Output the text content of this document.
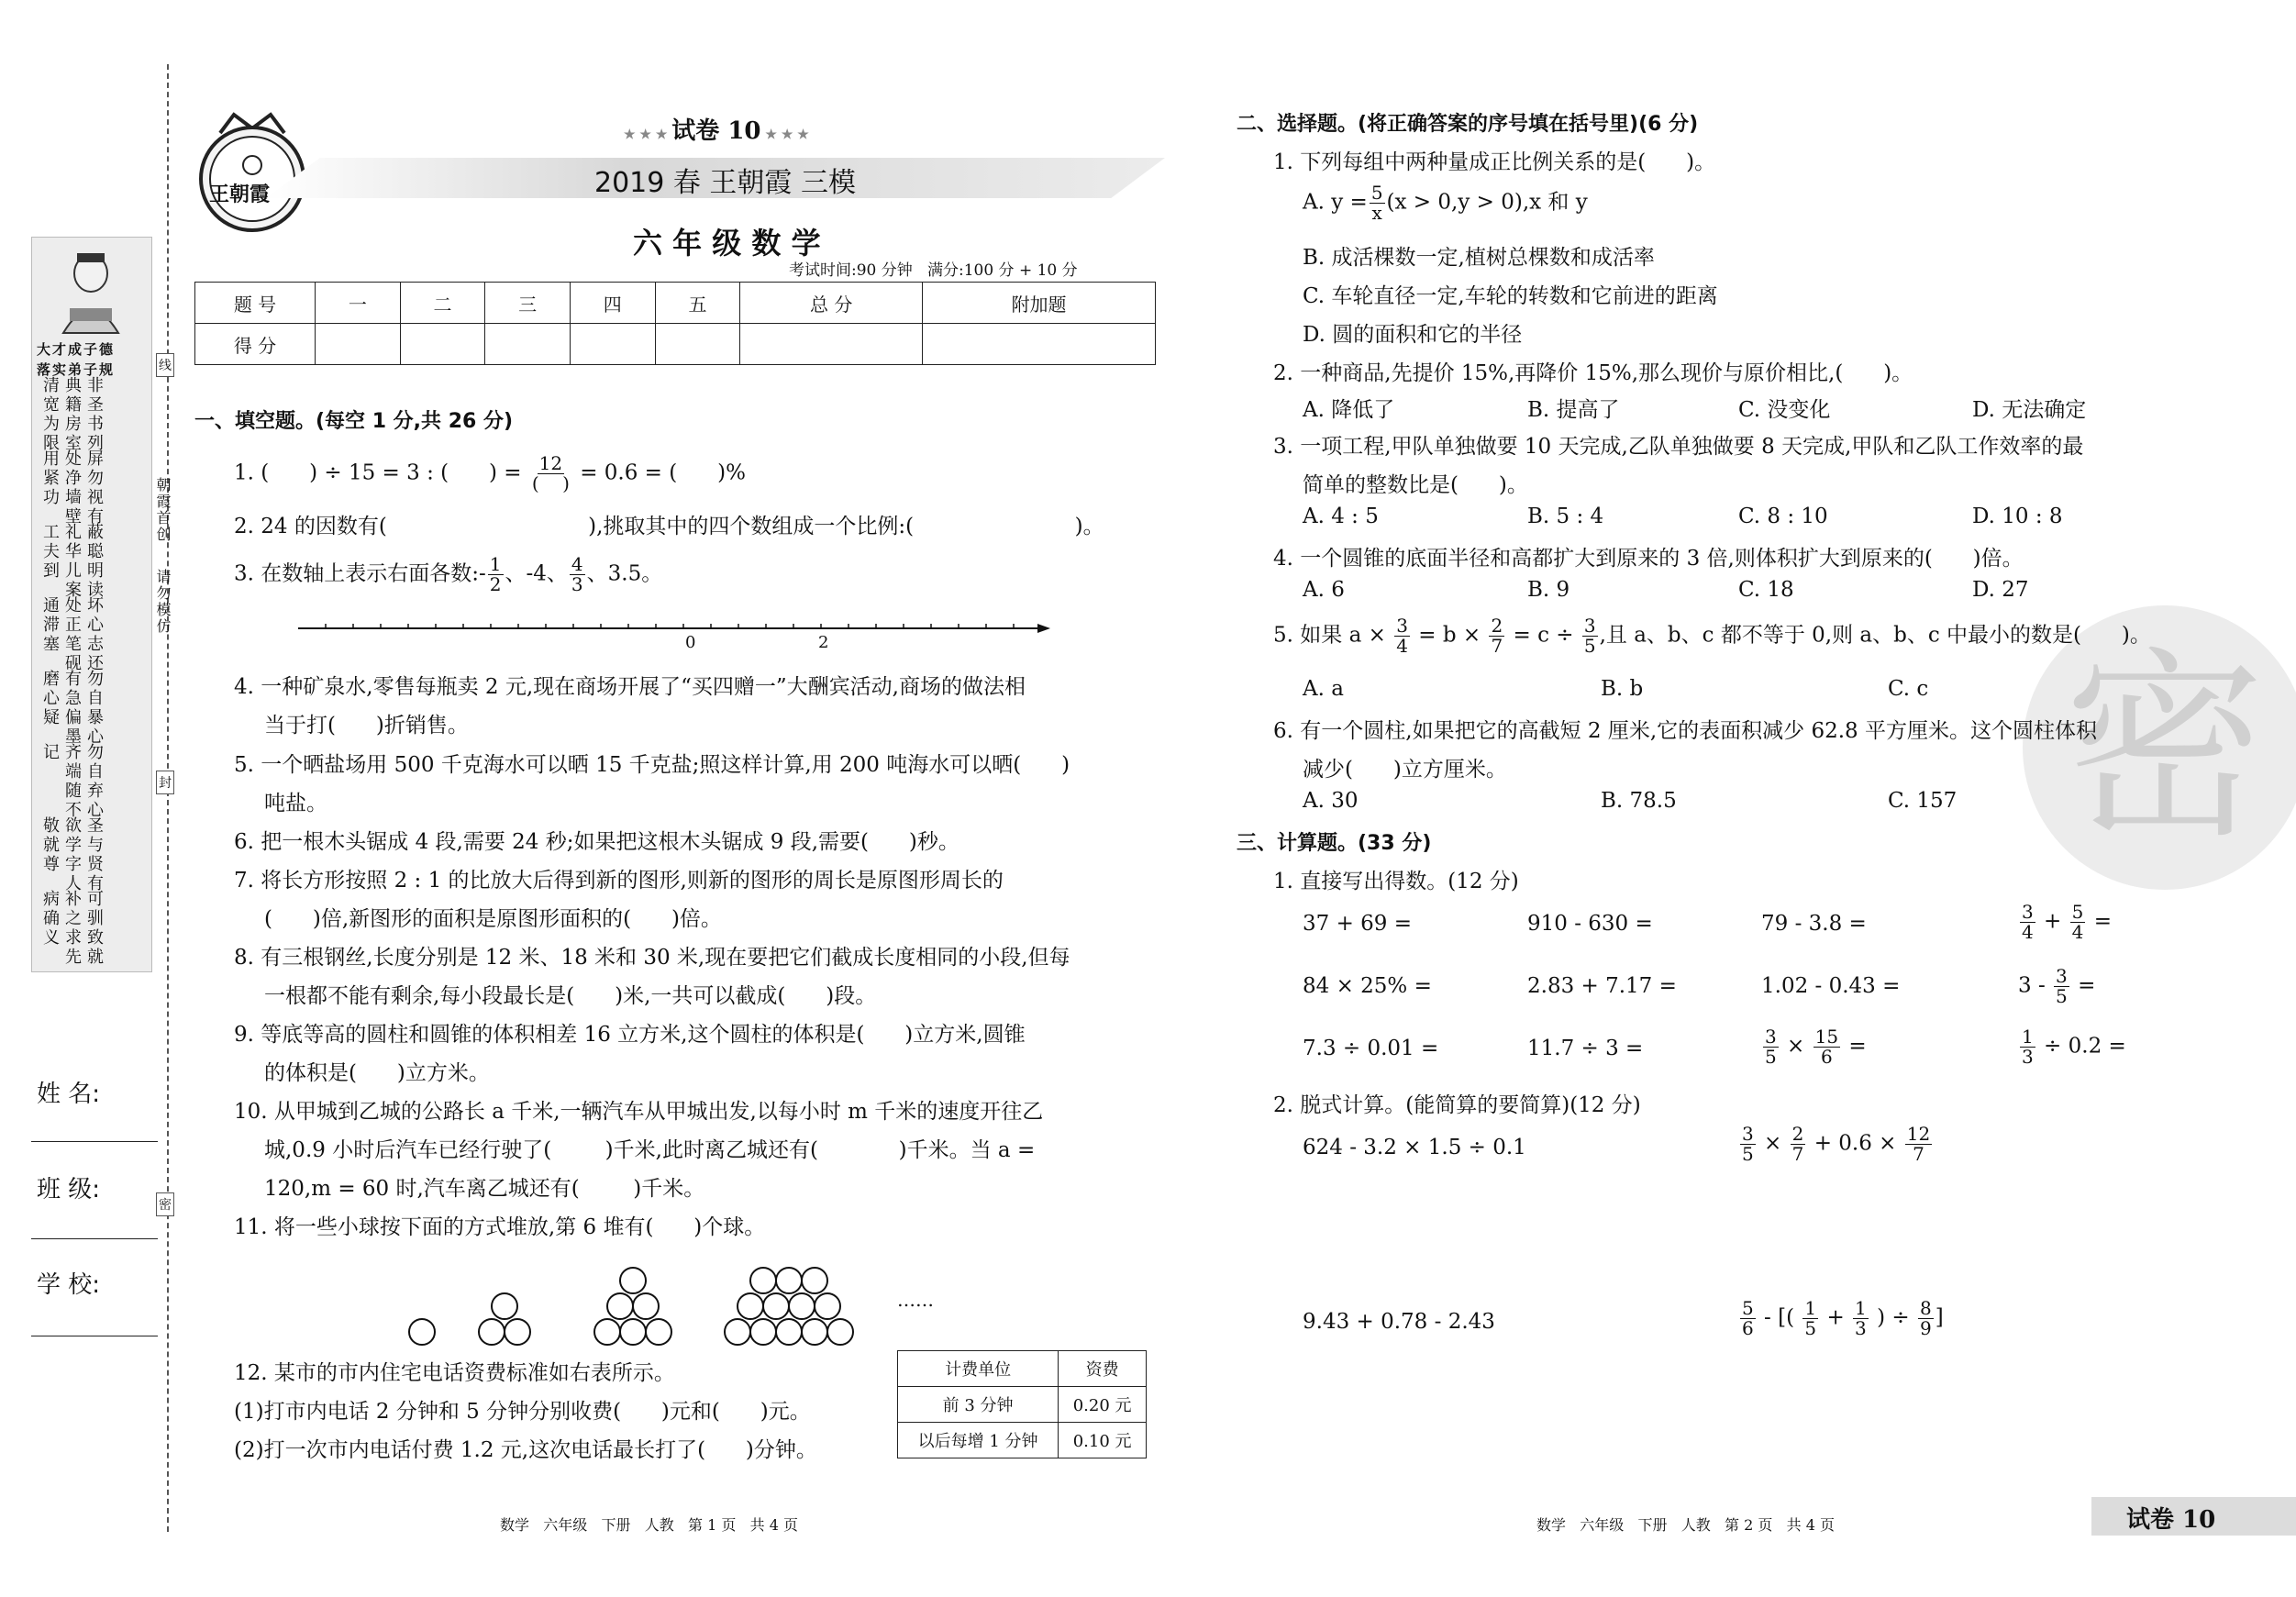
大才成子德
落实弟子规
非圣书列典籍房室清宽为限
屏勿视有处净墙壁用紧功
蔽聪明读礼华儿案工夫到
坏心志还处正笔砚通滞塞
勿自暴心有急偏墨磨心疑
勿自弃心齐端随不记
圣与贤有欲学字人敬就尊
可驯致就补之求先病确义
姓 名:
班 级:
学 校:
线
封
密
朝霞首创
请勿模仿
王朝霞
★ ★ ★ 试卷 10 ★ ★ ★
2019 春 王朝霞 三模
六 年 级 数 学
考试时间:90 分钟   满分:100 分 + 10 分
题 号	一	二	三	四	五	总 分	附加题
得 分							
一、填空题。(每空 1 分,共 26 分)
1. (      ) ÷ 15 = 3 : (      ) = $\frac{12}{( )} = 0.6$ = (      )%
2. 24 的因数有(                              ),挑取其中的四个数组成一个比例:(                        )。
3. 在数轴上表示右面各数:- $\frac{1}{2}$ 、-4、 $\frac{4}{3}$ 、3.5。
0	2
4. 一种矿泉水,零售每瓶卖 2 元,现在商场开展了“买四赠一”大酬宾活动,商场的做法相
当于打(      )折销售。
5. 一个晒盐场用 500 千克海水可以晒 15 千克盐;照这样计算,用 200 吨海水可以晒(      )
吨盐。
6. 把一根木头锯成 4 段,需要 24 秒;如果把这根木头锯成 9 段,需要(      )秒。
7. 将长方形按照 2 : 1 的比放大后得到新的图形,则新的图形的周长是原图形周长的
(      )倍,新图形的面积是原图形面积的(      )倍。
8. 有三根钢丝,长度分别是 12 米、18 米和 30 米,现在要把它们截成长度相同的小段,但每
一根都不能有剩余,每小段最长是(      )米,一共可以截成(      )段。
9. 等底等高的圆柱和圆锥的体积相差 16 立方米,这个圆柱的体积是(      )立方米,圆锥
的体积是(      )立方米。
10. 从甲城到乙城的公路长 a 千米,一辆汽车从甲城出发,以每小时 m 千米的速度开往乙
城,0.9 小时后汽车已经行驶了(        )千米,此时离乙城还有(            )千米。当 a =
120,m = 60 时,汽车离乙城还有(        )千米。
11. 将一些小球按下面的方式堆放,第 6 堆有(      )个球。
……
12. 某市的市内住宅电话资费标准如右表所示。
(1)打市内电话 2 分钟和 5 分钟分别收费(      )元和(      )元。
(2)打一次市内电话付费 1.2 元,这次电话最长打了(      )分钟。
计费单位	资费
前 3 分钟	0.20 元
以后每增 1 分钟	0.10 元
数学   六年级   下册   人教   第 1 页   共 4 页
密
二、选择题。(将正确答案的序号填在括号里)(6 分)
1. 下列每组中两种量成正比例关系的是(      )。
A. $y = \frac{5}{x} (x > 0,y > 0),x$ 和 y
B. 成活棵数一定,植树总棵数和成活率
C. 车轮直径一定,车轮的转数和它前进的距离
D. 圆的面积和它的半径
2. 一种商品,先提价 15%,再降价 15%,那么现价与原价相比,(      )。
A. 降低了	B. 提高了	C. 没变化	D. 无法确定
3. 一项工程,甲队单独做要 10 天完成,乙队单独做要 8 天完成,甲队和乙队工作效率的最
简单的整数比是(      )。
A. 4 : 5	B. 5 : 4	C. 8 : 10	D. 10 : 8
4. 一个圆锥的底面半径和高都扩大到原来的 3 倍,则体积扩大到原来的(      )倍。
A. 6	B. 9	C. 18	D. 27
5. 如果 $a \times \frac{3}{4} = b \times \frac{2}{7} = c \div \frac{3}{5}$ ,且 a、b、c 都不等于 0,则 a、b、c 中最小的数是(      )。
A. a	B. b	C. c
6. 有一个圆柱,如果把它的高截短 2 厘米,它的表面积减少 62.8 平方厘米。这个圆柱体积
减少(      )立方厘米。
A. 30	B. 78.5	C. 157
三、计算题。(33 分)
1. 直接写出得数。(12 分)
37 + 69 =	910 - 630 =	79 - 3.8 =	$\frac{3}{4} + \frac{5}{4}$ =
84 × 25% =	2.83 + 7.17 =	1.02 - 0.43 =	$3 - \frac{3}{5}$ =
7.3 ÷ 0.01 =	11.7 ÷ 3 =	$\frac{3}{5} \times \frac{15}{6}$ =	$\frac{1}{3} \div 0.2$ =
2. 脱式计算。(能简算的要简算)(12 分)
624 - 3.2 × 1.5 ÷ 0.1	$\frac{3}{5} \times \frac{2}{7} + 0.6 \times \frac{12}{7}$
9.43 + 0.78 - 2.43	$\frac{5}{6}$ - [( $\frac{1}{5} + \frac{1}{3}$ ) ÷ $\frac{8}{9}$ ]
数学   六年级   下册   人教   第 2 页   共 4 页	试卷 10
